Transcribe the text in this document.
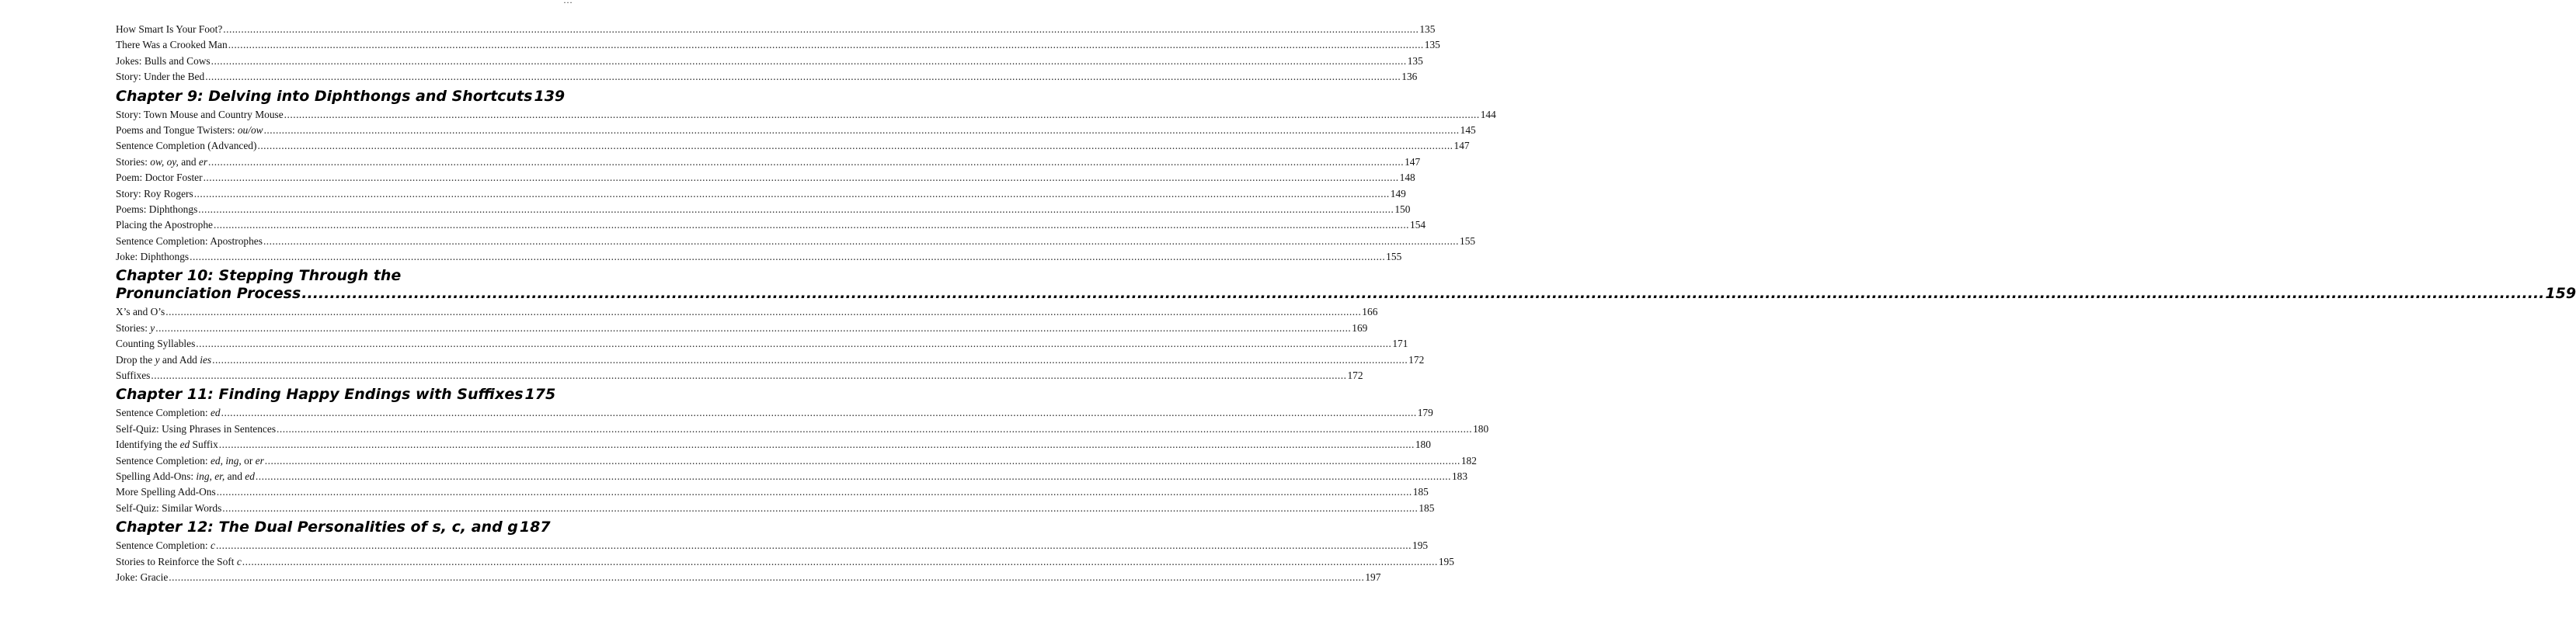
…
How Smart Is Your Foot? ................................................................................................................................................................................................................................................................................................................................................................................................................ 135
There Was a Crooked Man ................................................................................................................................................................................................................................................................................................................................................................................................................ 135
Jokes: Bulls and Cows ................................................................................................................................................................................................................................................................................................................................................................................................................ 135
Story: Under the Bed ................................................................................................................................................................................................................................................................................................................................................................................................................ 136
Chapter 9: Delving into Diphthongs and Shortcuts 139
Story: Town Mouse and Country Mouse ................................................................................................................................................................................................................................................................................................................................................................................................................ 144
Poems and Tongue Twisters: ou/ow ................................................................................................................................................................................................................................................................................................................................................................................................................ 145
Sentence Completion (Advanced) ................................................................................................................................................................................................................................................................................................................................................................................................................ 147
Stories: ow, oy, and er ................................................................................................................................................................................................................................................................................................................................................................................................................ 147
Poem: Doctor Foster ................................................................................................................................................................................................................................................................................................................................................................................................................ 148
Story: Roy Rogers ................................................................................................................................................................................................................................................................................................................................................................................................................ 149
Poems: Diphthongs ................................................................................................................................................................................................................................................................................................................................................................................................................ 150
Placing the Apostrophe ................................................................................................................................................................................................................................................................................................................................................................................................................ 154
Sentence Completion: Apostrophes ................................................................................................................................................................................................................................................................................................................................................................................................................ 155
Joke: Diphthongs ................................................................................................................................................................................................................................................................................................................................................................................................................ 155
Chapter 10: Stepping Through the
Pronunciation Process ................................................................................................................................................................................................................................................................................................................................................................................................................ 159
X’s and O’s ................................................................................................................................................................................................................................................................................................................................................................................................................ 166
Stories: y ................................................................................................................................................................................................................................................................................................................................................................................................................ 169
Counting Syllables ................................................................................................................................................................................................................................................................................................................................................................................................................ 171
Drop the y and Add ies ................................................................................................................................................................................................................................................................................................................................................................................................................ 172
Suffixes ................................................................................................................................................................................................................................................................................................................................................................................................................ 172
Chapter 11: Finding Happy Endings with Suffixes 175
Sentence Completion: ed ................................................................................................................................................................................................................................................................................................................................................................................................................ 179
Self-Quiz: Using Phrases in Sentences ................................................................................................................................................................................................................................................................................................................................................................................................................ 180
Identifying the ed Suffix ................................................................................................................................................................................................................................................................................................................................................................................................................ 180
Sentence Completion: ed, ing, or er ................................................................................................................................................................................................................................................................................................................................................................................................................ 182
Spelling Add-Ons: ing, er, and ed ................................................................................................................................................................................................................................................................................................................................................................................................................ 183
More Spelling Add-Ons ................................................................................................................................................................................................................................................................................................................................................................................................................ 185
Self-Quiz: Similar Words ................................................................................................................................................................................................................................................................................................................................................................................................................ 185
Chapter 12: The Dual Personalities of s, c, and g 187
Sentence Completion: c ................................................................................................................................................................................................................................................................................................................................................................................................................ 195
Stories to Reinforce the Soft c ................................................................................................................................................................................................................................................................................................................................................................................................................ 195
Joke: Gracie ................................................................................................................................................................................................................................................................................................................................................................................................................ 197
